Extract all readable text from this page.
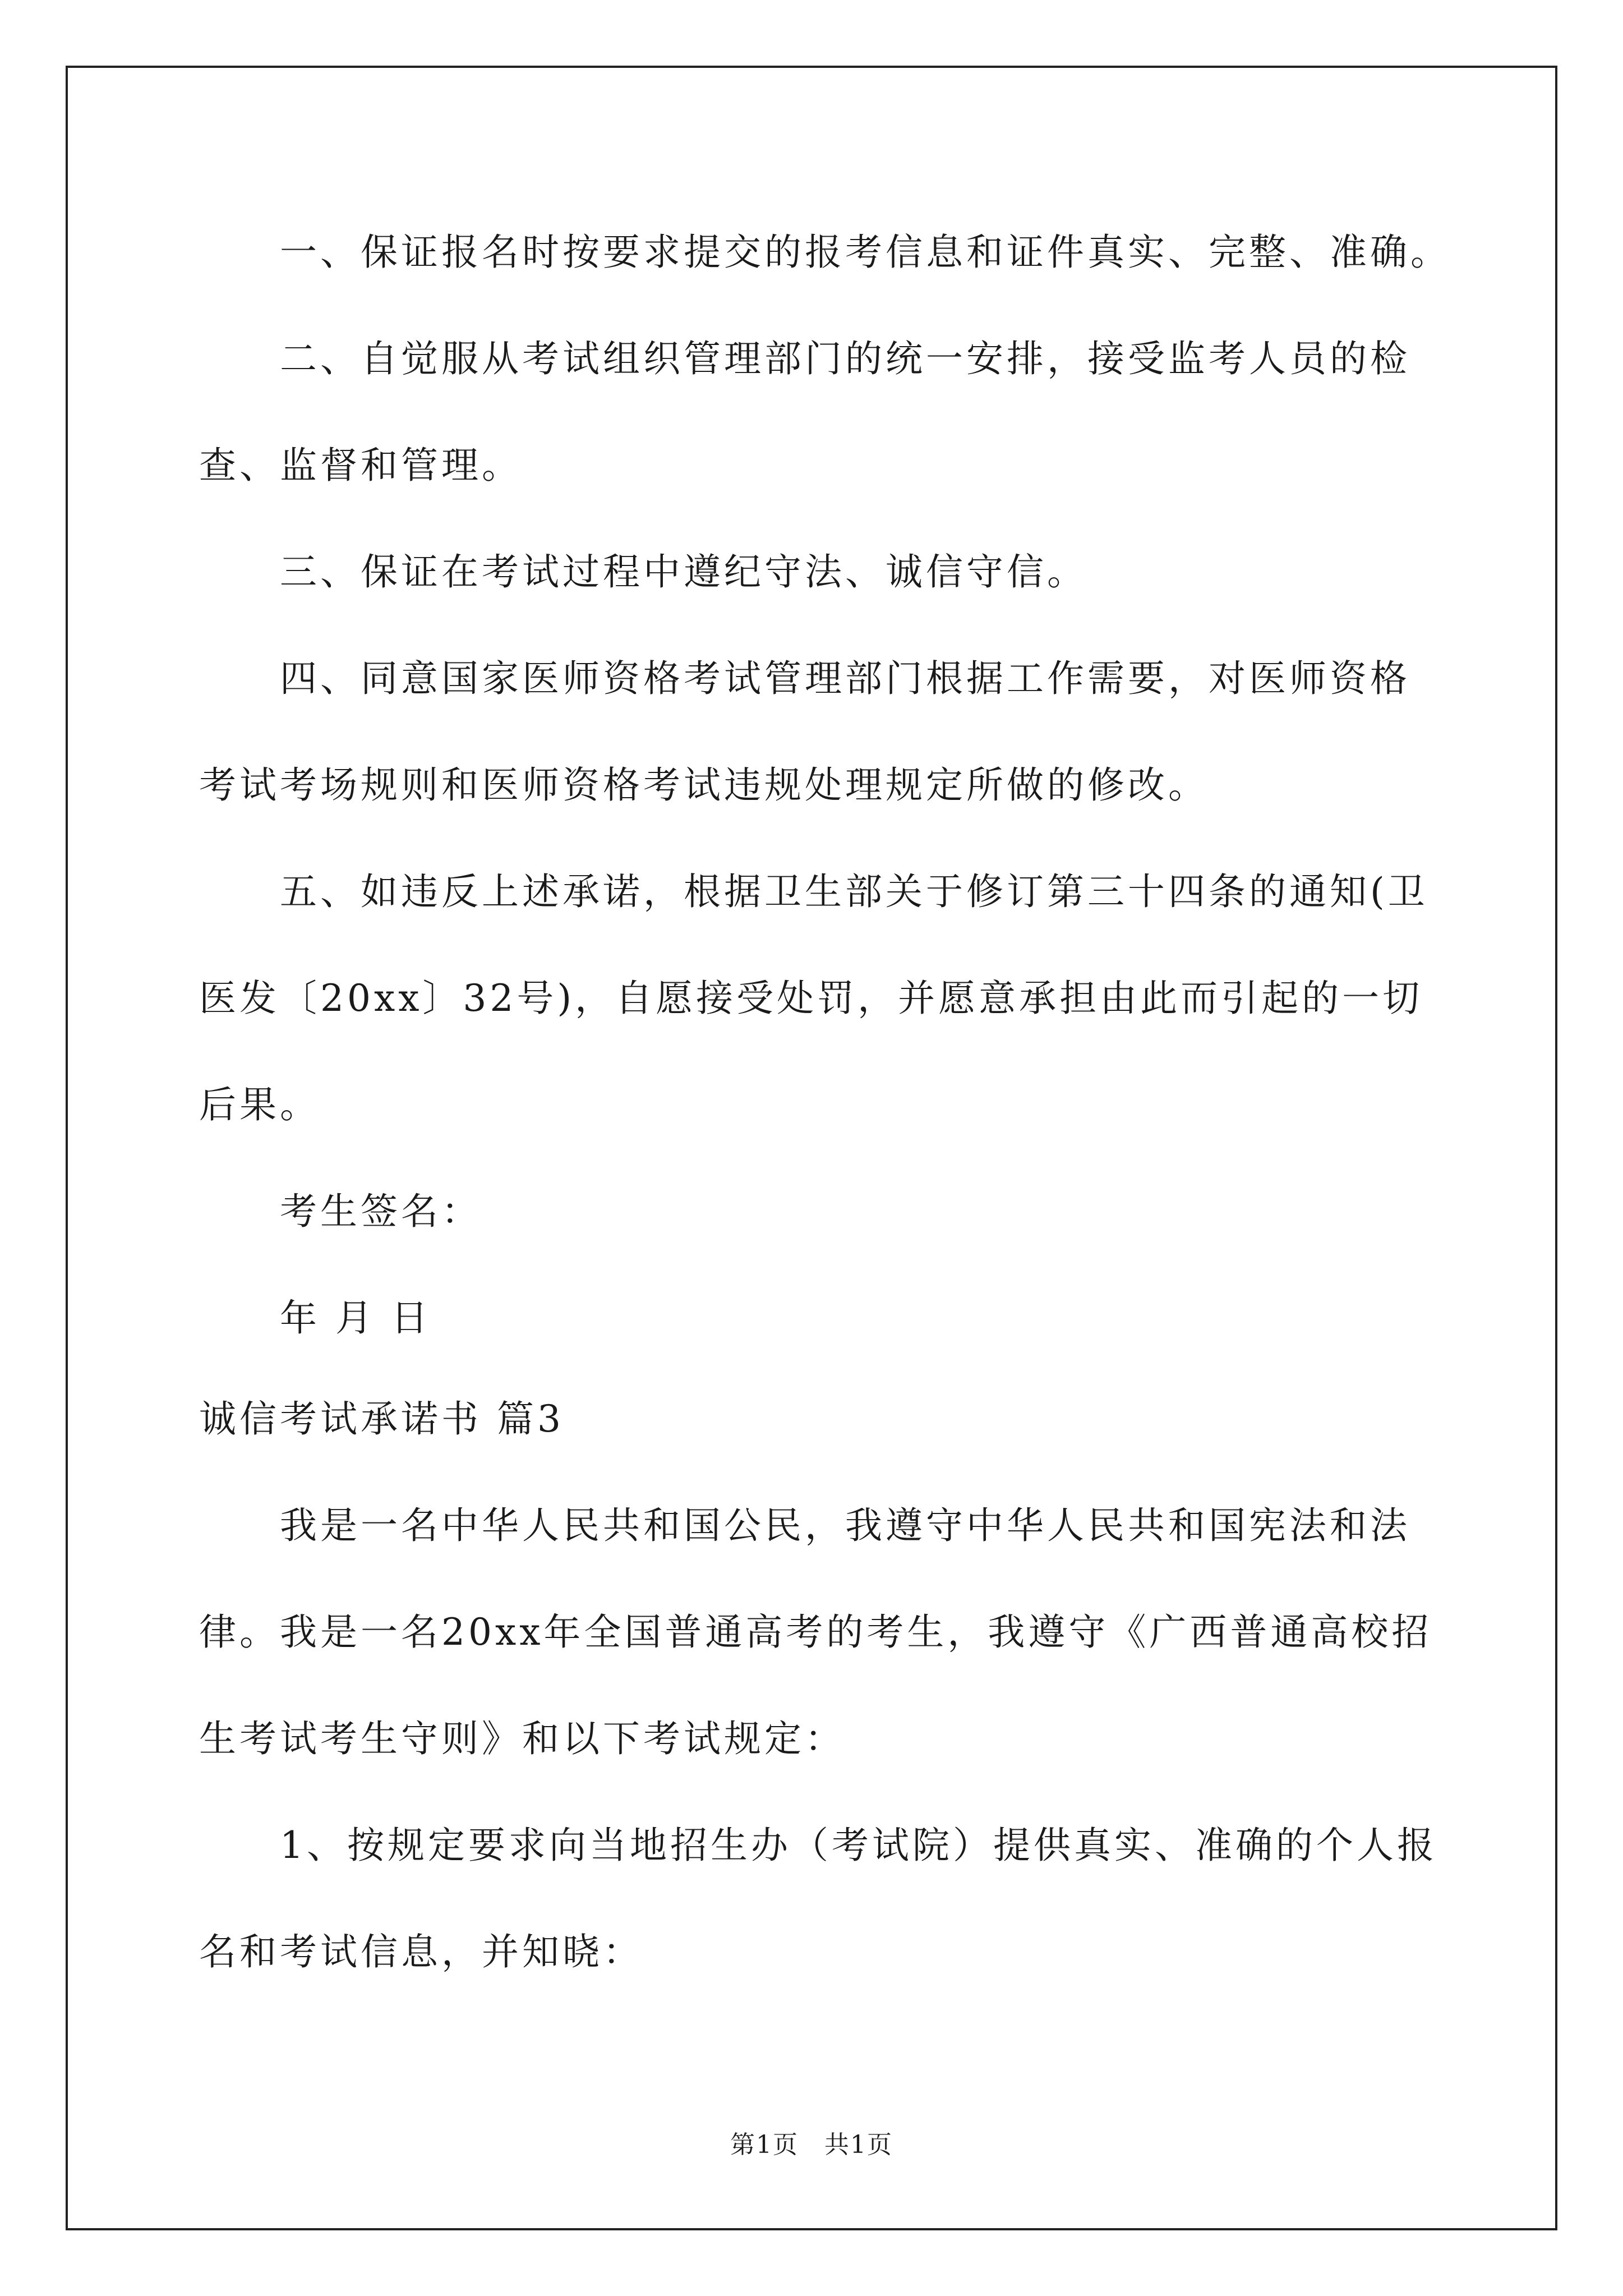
　　一、保证报名时按要求提交的报考信息和证件真实、完整、准确。
　　二、自觉服从考试组织管理部门的统一安排，接受监考人员的检
查、监督和管理。
　　三、保证在考试过程中遵纪守法、诚信守信。
　　四、同意国家医师资格考试管理部门根据工作需要，对医师资格
考试考场规则和医师资格考试违规处理规定所做的修改。
　　五、如违反上述承诺，根据卫生部关于修订第三十四条的通知(卫
医发〔20xx〕32号)，自愿接受处罚，并愿意承担由此而引起的一切
后果。
　　考生签名：
　　年 月 日
诚信考试承诺书 篇3
　　我是一名中华人民共和国公民，我遵守中华人民共和国宪法和法
律。我是一名20xx年全国普通高考的考生，我遵守《广西普通高校招
生考试考生守则》和以下考试规定：
　　1、按规定要求向当地招生办（考试院）提供真实、准确的个人报
名和考试信息，并知晓：
第1页　共1页
